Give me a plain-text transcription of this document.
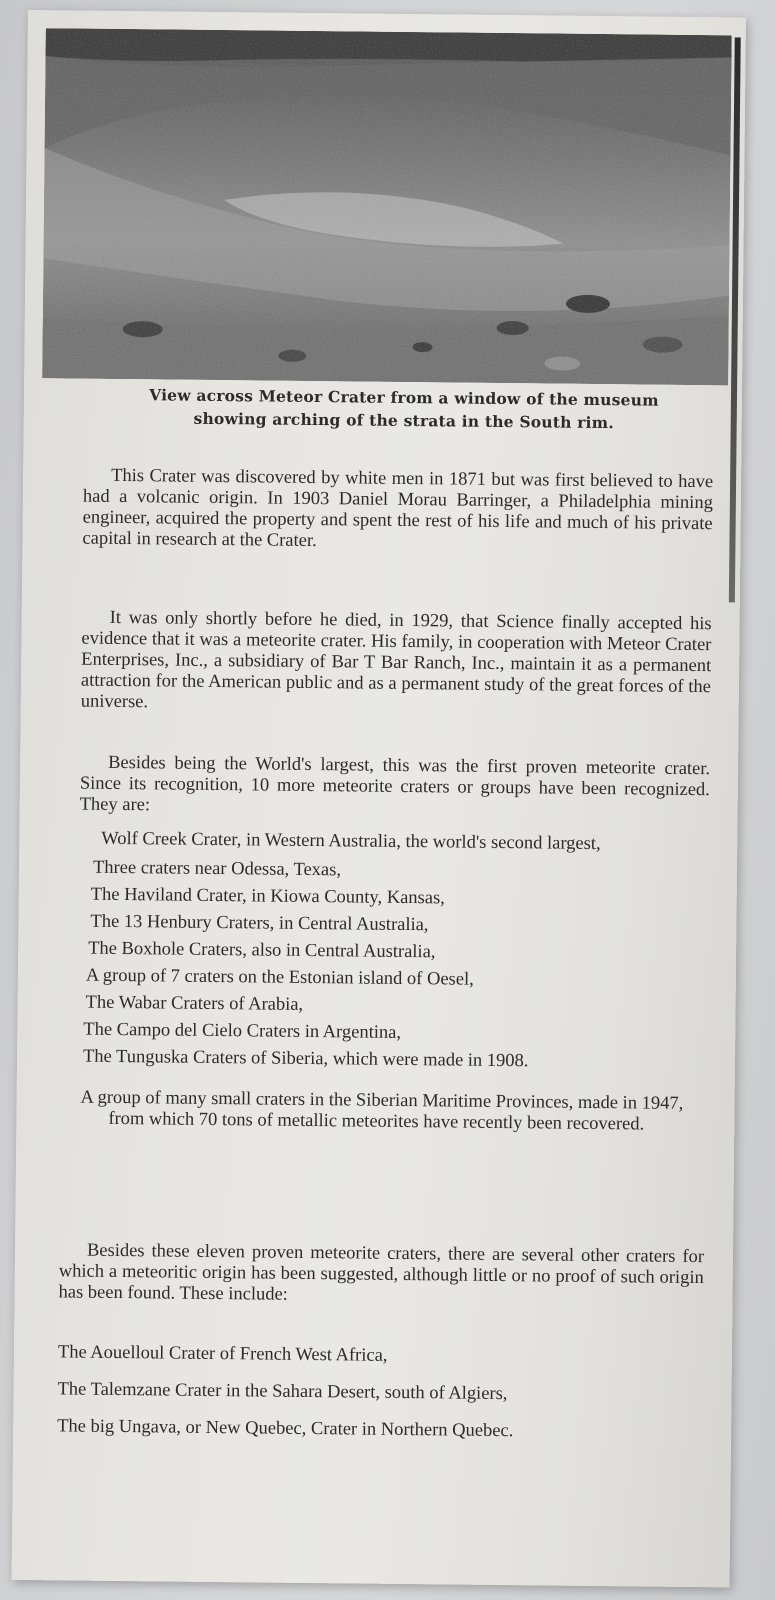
View across Meteor Crater from a window of the museum
showing arching of the strata in the South rim.
This Crater was discovered by white men in 1871 but was first believed to have had a volcanic origin. In 1903 Daniel Morau Barringer, a Philadelphia mining engineer, acquired the property and spent the rest of his life and much of his private capital in research at the Crater.
It was only shortly before he died, in 1929, that Science finally accepted his evidence that it was a meteorite crater. His family, in cooperation with Meteor Crater Enterprises, Inc., a subsidiary of Bar T Bar Ranch, Inc., maintain it as a permanent attraction for the American public and as a permanent study of the great forces of the universe.
Besides being the World's largest, this was the first proven meteorite crater. Since its recognition, 10 more meteorite craters or groups have been recognized. They are:
Wolf Creek Crater, in Western Australia, the world's second largest,
Three craters near Odessa, Texas,
The Haviland Crater, in Kiowa County, Kansas,
The 13 Henbury Craters, in Central Australia,
The Boxhole Craters, also in Central Australia,
A group of 7 craters on the Estonian island of Oesel,
The Wabar Craters of Arabia,
The Campo del Cielo Craters in Argentina,
The Tunguska Craters of Siberia, which were made in 1908.
A group of many small craters in the Siberian Maritime Provinces, made in 1947, from which 70 tons of metallic meteorites have recently been recovered.
Besides these eleven proven meteorite craters, there are several other craters for which a meteoritic origin has been suggested, although little or no proof of such origin has been found. These include:
The Aouelloul Crater of French West Africa,
The Talemzane Crater in the Sahara Desert, south of Algiers,
The big Ungava, or New Quebec, Crater in Northern Quebec.
